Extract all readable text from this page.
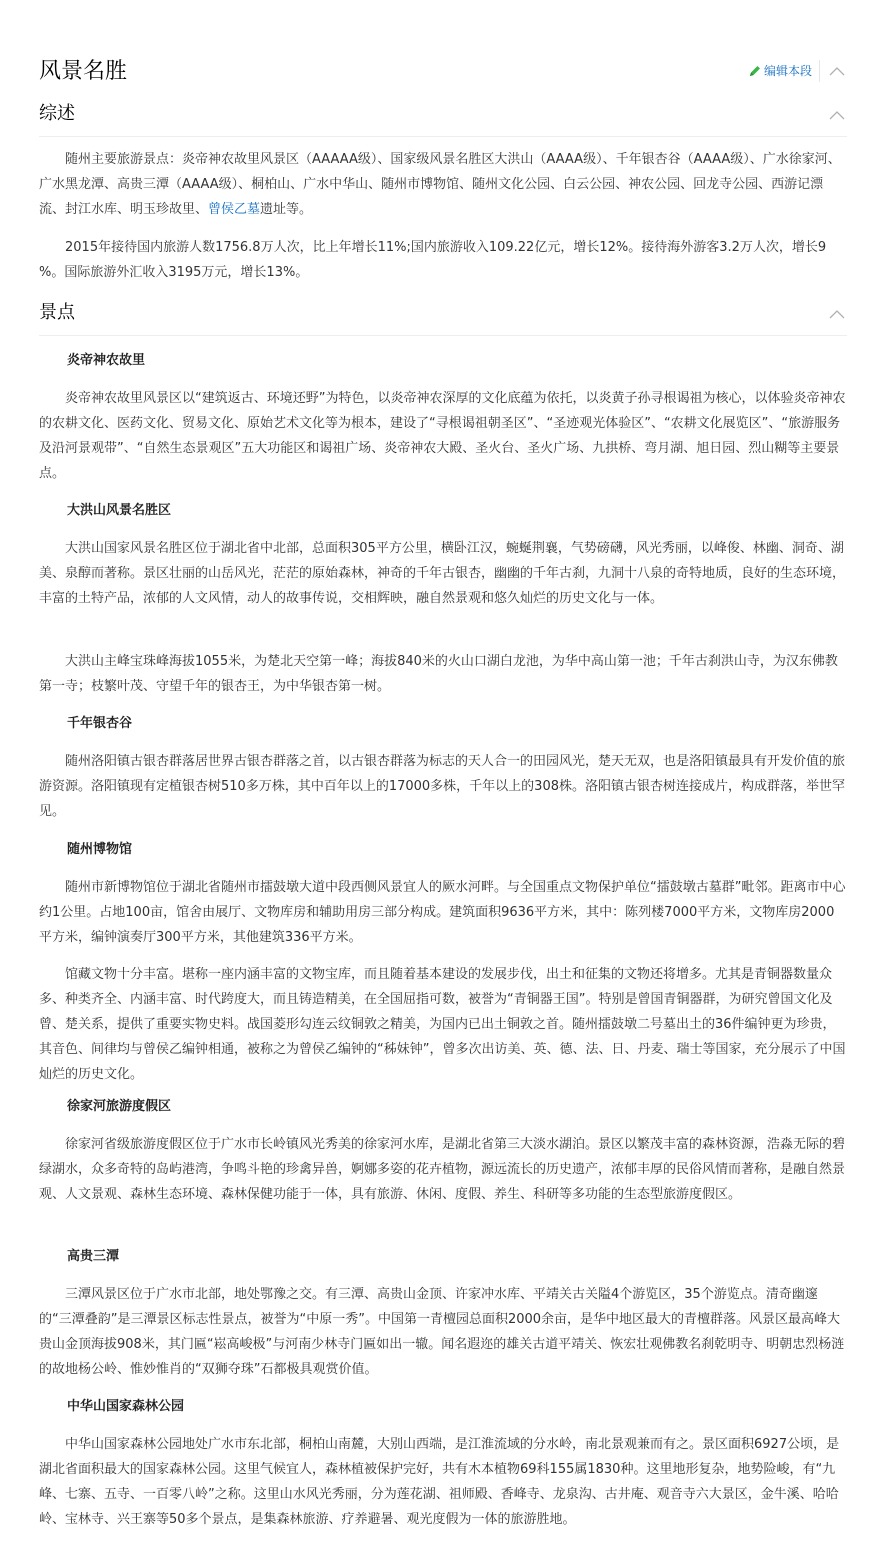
风景名胜	编辑本段
综述

随州主要旅游景点：炎帝神农故里风景区（AAAAA级）、国家级风景名胜区大洪山（AAAA级）、千年银杏谷（AAAA级）、广水徐家河、广水黑龙潭、高贵三潭（AAAA级）、桐柏山、广水中华山、随州市博物馆、随州文化公园、白云公园、神农公园、回龙寺公园、西游记漂流、封江水库、明玉珍故里、曾侯乙墓遗址等。

2015年接待国内旅游人数1756.8万人次，比上年增长11%;国内旅游收入109.22亿元，增长12%。接待海外游客3.2万人次，增长9 %。国际旅游外汇收入3195万元，增长13%。

景点
炎帝神农故里

炎帝神农故里风景区以“建筑返古、环境还野”为特色，以炎帝神农深厚的文化底蕴为依托，以炎黄子孙寻根谒祖为核心，以体验炎帝神农的农耕文化、医药文化、贸易文化、原始艺术文化等为根本，建设了“寻根谒祖朝圣区”、“圣迹观光体验区”、“农耕文化展览区”、“旅游服务及沿河景观带”、“自然生态景观区”五大功能区和谒祖广场、炎帝神农大殿、圣火台、圣火广场、九拱桥、弯月湖、旭日园、烈山糊等主要景点。

大洪山风景名胜区

大洪山国家风景名胜区位于湖北省中北部，总面积305平方公里，横卧江汉，蜿蜒荆襄，气势磅礴，风光秀丽，以峰俊、林幽、洞奇、湖美、泉醇而著称。景区壮丽的山岳风光，茫茫的原始森林，神奇的千年古银杏，幽幽的千年古刹，九洞十八泉的奇特地质，良好的生态环境，丰富的土特产品，浓郁的人文风情，动人的故事传说，交相辉映，融自然景观和悠久灿烂的历史文化与一体。

大洪山主峰宝珠峰海拔1055米，为楚北天空第一峰；海拔840米的火山口湖白龙池，为华中高山第一池；千年古刹洪山寺，为汉东佛教第一寺；枝繁叶茂、守望千年的银杏王，为中华银杏第一树。

千年银杏谷

随州洛阳镇古银杏群落居世界古银杏群落之首，以古银杏群落为标志的天人合一的田园风光，楚天无双，也是洛阳镇最具有开发价值的旅游资源。洛阳镇现有定植银杏树510多万株，其中百年以上的17000多株，千年以上的308株。洛阳镇古银杏树连接成片，构成群落，举世罕见。

随州博物馆

随州市新博物馆位于湖北省随州市擂鼓墩大道中段西侧风景宜人的厥水河畔。与全国重点文物保护单位“擂鼓墩古墓群”毗邻。距离市中心约1公里。占地100亩，馆舍由展厅、文物库房和辅助用房三部分构成。建筑面积9636平方米，其中：陈列楼7000平方米，文物库房2000平方米，编钟演奏厅300平方米，其他建筑336平方米。

馆藏文物十分丰富。堪称一座内涵丰富的文物宝库，而且随着基本建设的发展步伐，出土和征集的文物还将增多。尤其是青铜器数量众多、种类齐全、内涵丰富、时代跨度大，而且铸造精美，在全国屈指可数，被誉为“青铜器王国”。特别是曾国青铜器群，为研究曾国文化及曾、楚关系，提供了重要实物史料。战国菱形勾连云纹铜敦之精美，为国内已出土铜敦之首。随州擂鼓墩二号墓出土的36件编钟更为珍贵，其音色、间律均与曾侯乙编钟相通，被称之为曾侯乙编钟的“秭妹钟”，曾多次出访美、英、德、法、日、丹麦、瑞士等国家，充分展示了中国灿烂的历史文化。

徐家河旅游度假区

徐家河省级旅游度假区位于广水市长岭镇风光秀美的徐家河水库，是湖北省第三大淡水湖泊。景区以繁茂丰富的森林资源，浩淼无际的碧绿湖水，众多奇特的岛屿港湾，争鸣斗艳的珍禽异兽，婀娜多姿的花卉植物，源远流长的历史遗产，浓郁丰厚的民俗风情而著称，是融自然景观、人文景观、森林生态环境、森林保健功能于一体，具有旅游、休闲、度假、养生、科研等多功能的生态型旅游度假区。

高贵三潭

三潭风景区位于广水市北部，地处鄂豫之交。有三潭、高贵山金顶、许家冲水库、平靖关古关隘4个游览区，35个游览点。清奇幽邃的“三潭叠韵”是三潭景区标志性景点，被誉为“中原一秀”。中国第一青檀园总面积2000余亩，是华中地区最大的青檀群落。风景区最高峰大贵山金顶海拔908米，其门匾“崧高峻极”与河南少林寺门匾如出一辙。闻名遐迩的雄关古道平靖关、恢宏壮观佛教名刹乾明寺、明朝忠烈杨涟的故地杨公岭、惟妙惟肖的“双狮夺珠”石都极具观赏价值。

中华山国家森林公园

中华山国家森林公园地处广水市东北部，桐柏山南麓，大别山西端，是江淮流域的分水岭，南北景观兼而有之。景区面积6927公顷，是湖北省面积最大的国家森林公园。这里气候宜人，森林植被保护完好，共有木本植物69科155属1830种。这里地形复杂，地势险峻，有“九峰、七寨、五寺、一百零八岭”之称。这里山水风光秀丽，分为莲花湖、祖师殿、香峰寺、龙泉沟、古井庵、观音寺六大景区，金牛溪、哈哈岭、宝林寺、兴王寨等50多个景点，是集森林旅游、疗养避暑、观光度假为一体的旅游胜地。
